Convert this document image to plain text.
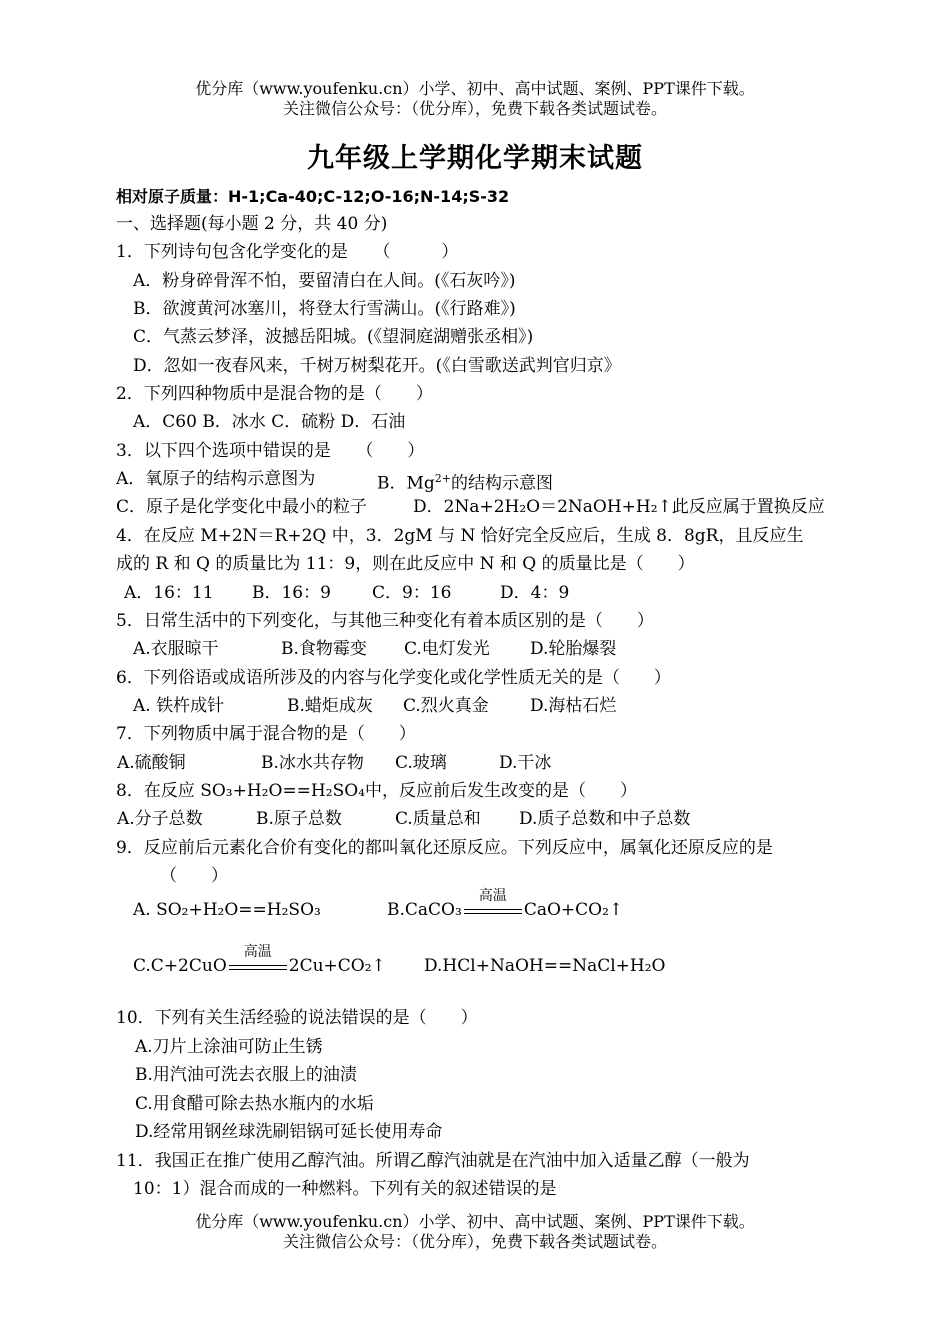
优分库（www.youfenku.cn）小学、初中、高中试题、案例、PPT课件下载。
关注微信公众号：（优分库），免费下载各类试题试卷。
九年级上学期化学期末试题
相对原子质量：H-1;Ca-40;C-12;O-16;N-14;S-32
一、选择题(每小题 2 分，共 40 分)
1．下列诗句包含化学变化的是　　（　　　）
A．粉身碎骨浑不怕，要留清白在人间。(《石灰吟》)
B．欲渡黄河冰塞川，将登太行雪满山。(《行路难》)
C．气蒸云梦泽，波撼岳阳城。(《望洞庭湖赠张丞相》)
D．忽如一夜春风来，千树万树梨花开。(《白雪歌送武判官归京》
2．下列四种物质中是混合物的是（　　）
A．C60 B．冰水 C．硫粉 D．石油
3．以下四个选项中错误的是　　（　　）
A．氧原子的结构示意图为	B．$Mg^{2+}$的结构示意图
C．原子是化学变化中最小的粒子	D．2Na+2H₂O＝2NaOH+H₂↑此反应属于置换反应
4．在反应 M+2N＝R+2Q 中，3．2gM 与 N 恰好完全反应后，生成 8．8gR，且反应生
成的 R 和 Q 的质量比为 11：9，则在此反应中 N 和 Q 的质量比是（　　）
A．16：11 B．16：9 C．9：16	D．4：9
5．日常生活中的下列变化，与其他三种变化有着本质区别的是（　　）
A.衣服晾干	B.食物霉变 C.电灯发光 D.轮胎爆裂
6．下列俗语或成语所涉及的内容与化学变化或化学性质无关的是（　　）
A. 铁杵成针	B.蜡炬成灰 C.烈火真金 D.海枯石烂
7．下列物质中属于混合物的是（　　）
A.硫酸铜	B.冰水共存物 C.玻璃	D.干冰
8．在反应 SO₃+H₂O==H₂SO₄中，反应前后发生改变的是（　　）
A.分子总数	B.原子总数	C.质量总和 D.质子总数和中子总数
9．反应前后元素化合价有变化的都叫氧化还原反应。下列反应中，属氧化还原反应的是
（　　）
A. SO₂+H₂O==H₂SO₃	B.CaCO₃
高温
CaO+CO₂↑
C.C+2CuO
高温
2Cu+CO₂↑ D.HCl+NaOH==NaCl+H₂O
10．下列有关生活经验的说法错误的是（　　）
A.刀片上涂油可防止生锈
B.用汽油可洗去衣服上的油渍
C.用食醋可除去热水瓶内的水垢
D.经常用钢丝球洗刷铝锅可延长使用寿命
11．我国正在推广使用乙醇汽油。所谓乙醇汽油就是在汽油中加入适量乙醇（一般为
10：1）混合而成的一种燃料。下列有关的叙述错误的是
优分库（www.youfenku.cn）小学、初中、高中试题、案例、PPT课件下载。
关注微信公众号：（优分库），免费下载各类试题试卷。
